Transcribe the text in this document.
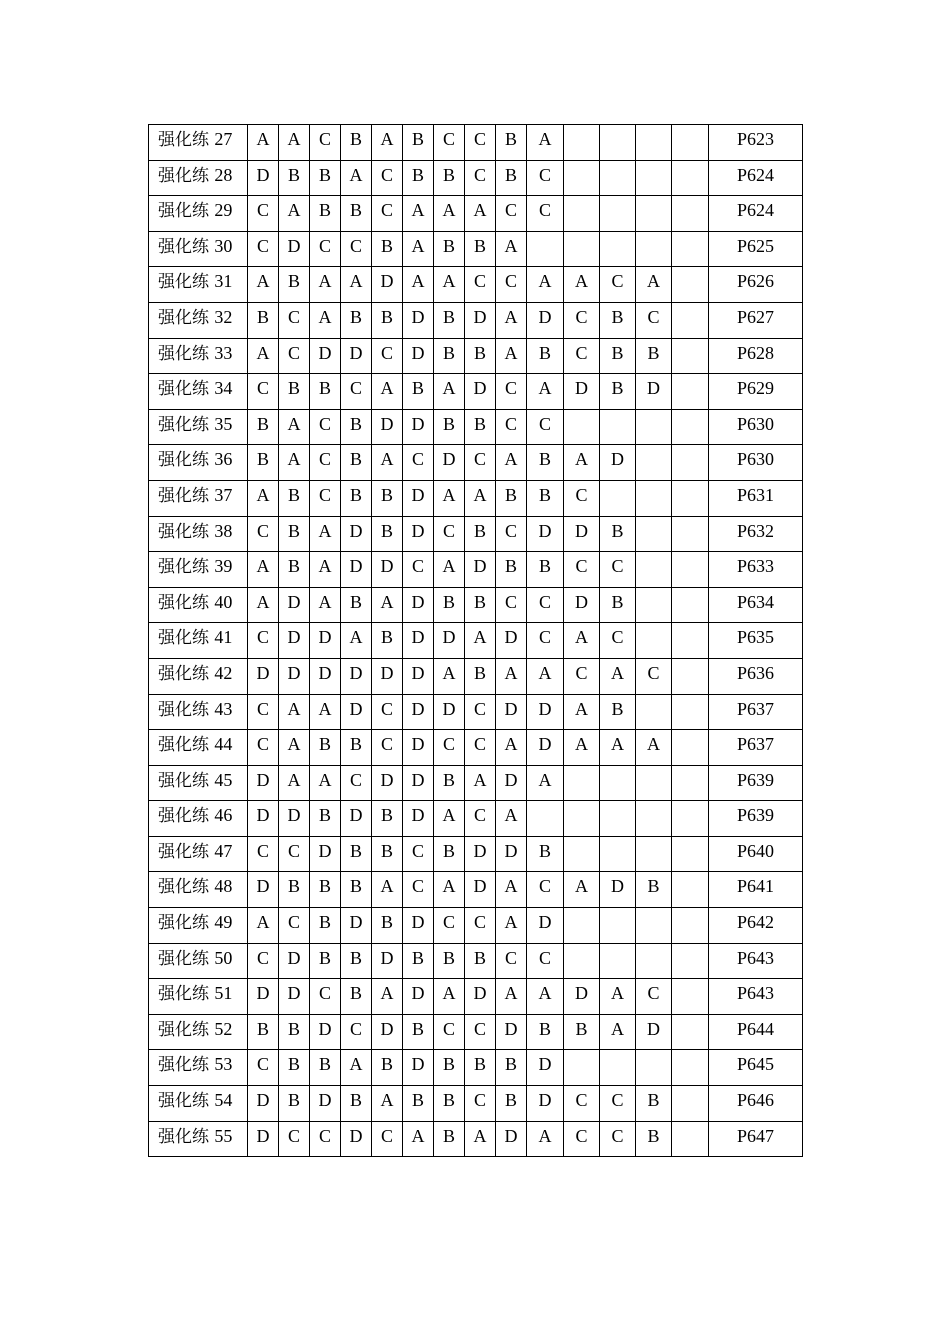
强化练 27	A	A	C	B	A	B	C	C	B	A					P623
强化练 28	D	B	B	A	C	B	B	C	B	C					P624
强化练 29	C	A	B	B	C	A	A	A	C	C					P624
强化练 30	C	D	C	C	B	A	B	B	A						P625
强化练 31	A	B	A	A	D	A	A	C	C	A	A	C	A		P626
强化练 32	B	C	A	B	B	D	B	D	A	D	C	B	C		P627
强化练 33	A	C	D	D	C	D	B	B	A	B	C	B	B		P628
强化练 34	C	B	B	C	A	B	A	D	C	A	D	B	D		P629
强化练 35	B	A	C	B	D	D	B	B	C	C					P630
强化练 36	B	A	C	B	A	C	D	C	A	B	A	D			P630
强化练 37	A	B	C	B	B	D	A	A	B	B	C				P631
强化练 38	C	B	A	D	B	D	C	B	C	D	D	B			P632
强化练 39	A	B	A	D	D	C	A	D	B	B	C	C			P633
强化练 40	A	D	A	B	A	D	B	B	C	C	D	B			P634
强化练 41	C	D	D	A	B	D	D	A	D	C	A	C			P635
强化练 42	D	D	D	D	D	D	A	B	A	A	C	A	C		P636
强化练 43	C	A	A	D	C	D	D	C	D	D	A	B			P637
强化练 44	C	A	B	B	C	D	C	C	A	D	A	A	A		P637
强化练 45	D	A	A	C	D	D	B	A	D	A					P639
强化练 46	D	D	B	D	B	D	A	C	A						P639
强化练 47	C	C	D	B	B	C	B	D	D	B					P640
强化练 48	D	B	B	B	A	C	A	D	A	C	A	D	B		P641
强化练 49	A	C	B	D	B	D	C	C	A	D					P642
强化练 50	C	D	B	B	D	B	B	B	C	C					P643
强化练 51	D	D	C	B	A	D	A	D	A	A	D	A	C		P643
强化练 52	B	B	D	C	D	B	C	C	D	B	B	A	D		P644
强化练 53	C	B	B	A	B	D	B	B	B	D					P645
强化练 54	D	B	D	B	A	B	B	C	B	D	C	C	B		P646
强化练 55	D	C	C	D	C	A	B	A	D	A	C	C	B		P647
